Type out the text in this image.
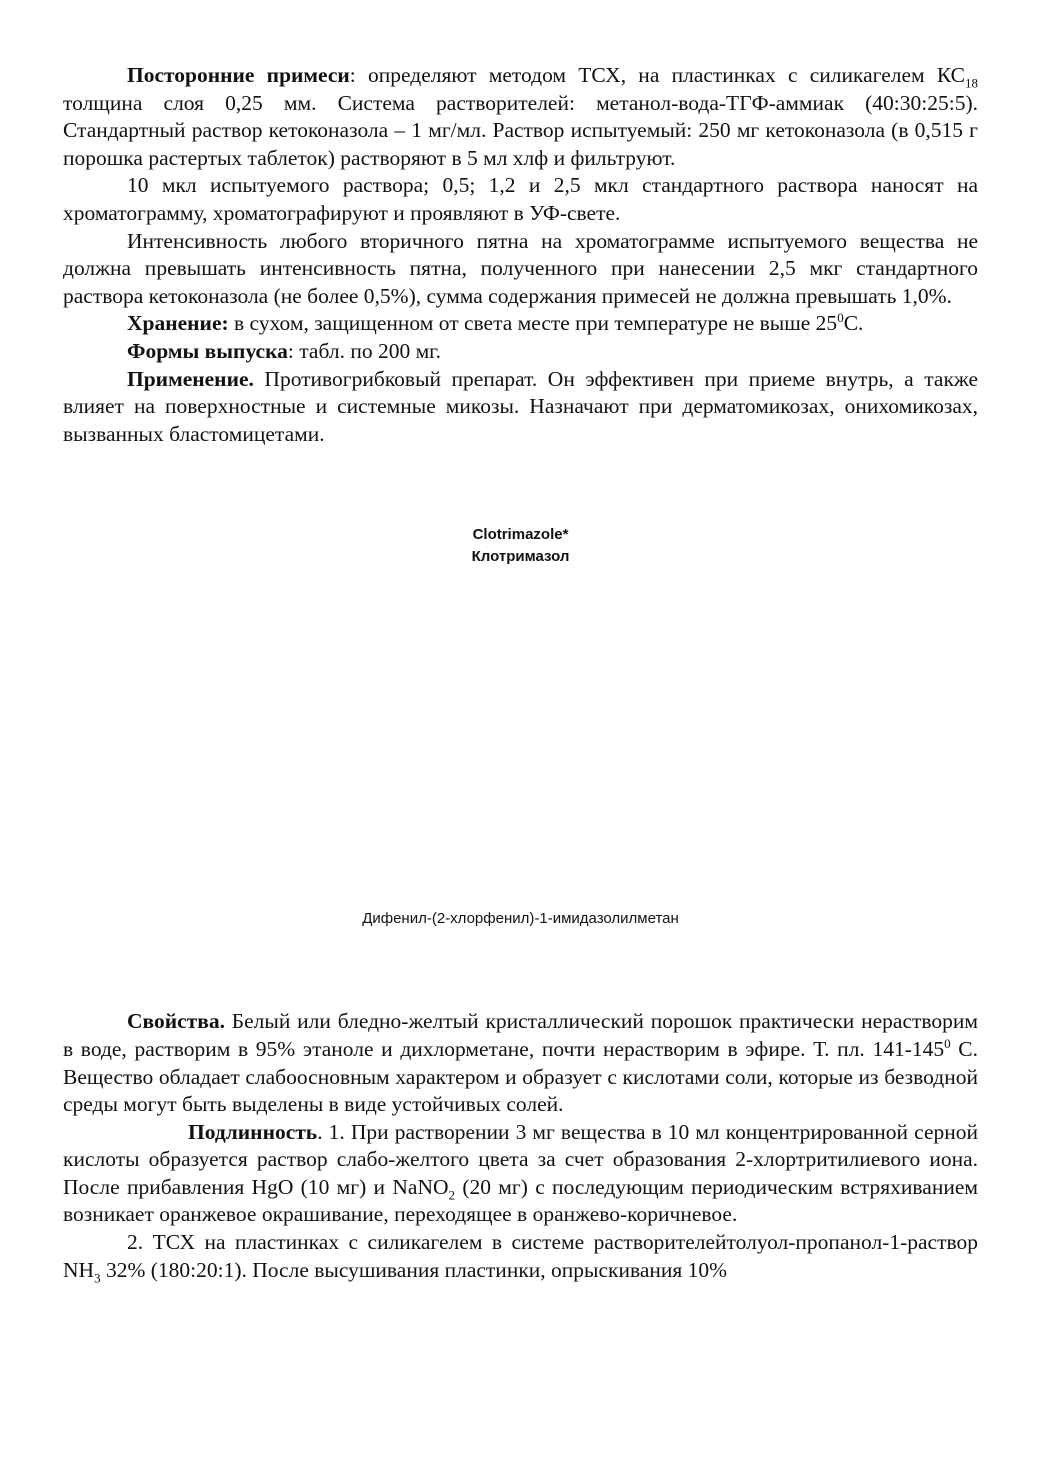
Посторонние примеси: определяют методом ТСХ, на пластинках с силикагелем $КС_{18}$ толщина слоя 0,25 мм. Система растворителей: метанол-вода-ТГФ-аммиак (40:30:25:5). Стандартный раствор кетоконазола – 1 мг/мл. Раствор испытуемый: 250 мг кетоконазола (в 0,515 г порошка растертых таблеток) растворяют в 5 мл хлф и фильтруют.

10 мкл испытуемого раствора; 0,5; 1,2 и 2,5 мкл стандартного раствора наносят на хроматограмму, хроматографируют и проявляют в УФ-свете.

Интенсивность любого вторичного пятна на хроматограмме испытуемого вещества не должна превышать интенсивность пятна, полученного при нанесении 2,5 мкг стандартного раствора кетоконазола (не более 0,5%), сумма содержания примесей не должна превышать 1,0%.

Хранение: в сухом, защищенном от света месте при температуре не выше $25^0С$.

Формы выпуска: табл. по 200 мг.

Применение. Противогрибковый препарат. Он эффективен при приеме внутрь, а также влияет на поверхностные и системные микозы. Назначают при дерматомикозах, онихомикозах, вызванных бластомицетами.

Clotrimazole*
Клотримазол
Дифенил-(2-хлорфенил)-1-имидазолилметан

Свойства. Белый или бледно-желтый кристаллический порошок практически нерастворим в воде, растворим в 95% этаноле и дихлорметане, почти нерастворим в эфире. Т. пл. $141-145^0$ С. Вещество обладает слабоосновным характером и образует с кислотами соли, которые из безводной среды могут быть выделены в виде устойчивых солей.

Подлинность. 1. При растворении 3 мг вещества в 10 мл концентрированной серной кислоты образуется раствор слабо-желтого цвета за счет образования 2-хлортритилиевого иона. После прибавления HgO (10 мг) и NaNO$_2$ (20 мг) с последующим периодическим встряхиванием возникает оранжевое окрашивание, переходящее в оранжево-коричневое.

2. ТСХ на пластинках с силикагелем в системе растворителейтолуол-пропанол-1-раствор $NH_3$ 32% (180:20:1). После высушивания пластинки, опрыскивания 10%
